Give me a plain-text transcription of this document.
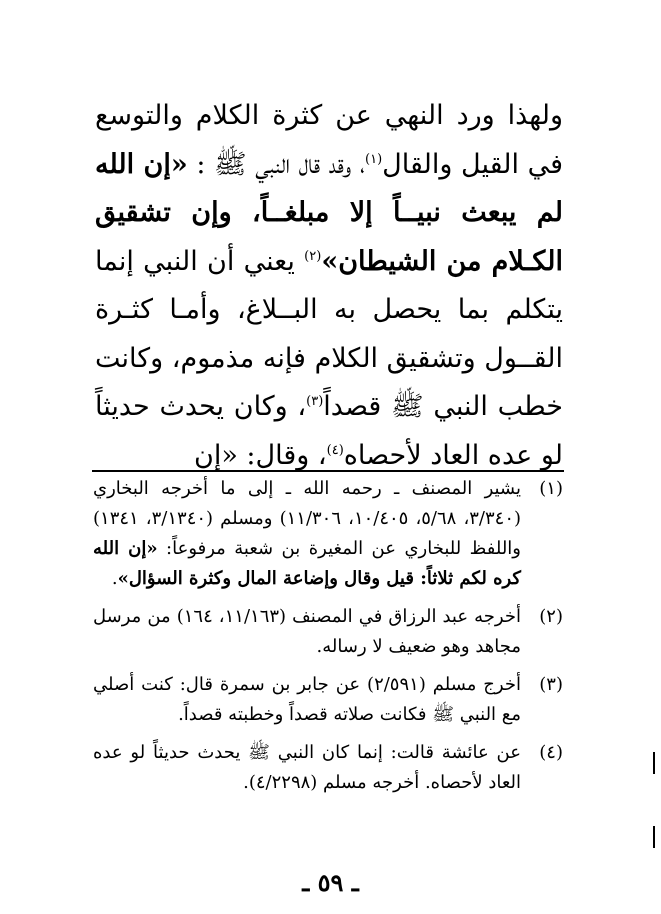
ولهذا ورد النهي عن كثرة الكلام والتوسع في القيل والقال$^{(١)}$، وقد قال النبي ﷺ : «إن الله لم يبعث نبيــاً إلا مبلغــاً، وإن تشقيق الكـلام من الشيطان»$^{(٢)}$ يعني أن النبي إنما يتكلم بما يحصل به البــلاغ، وأمـا كثـرة القــول وتشقيق الكلام فإنه مذموم، وكانت خطب النبي ﷺ قصداً$^{(٣)}$، وكان يحدث حديثاً لو عده العاد لأحصاه$^{(٤)}$، وقال: «إن
(١)
يشير المصنف ـ رحمه الله ـ إلى ما أخرجه البخاري (٣/٣٤٠، ٥/٦٨، ١٠/٤٠٥، ١١/٣٠٦) ومسلم (٣/١٣٤٠، ١٣٤١) واللفظ للبخاري عن المغيرة بن شعبة مرفوعاً: «إن الله كره لكم ثلاثاً: قيل وقال وإضاعة المال وكثرة السؤال».
(٢)
أخرجه عبد الرزاق في المصنف (١١/١٦٣، ١٦٤) من مرسل مجاهد وهو ضعيف لا رساله.
(٣)
أخرج مسلم (٢/٥٩١) عن جابر بن سمرة قال: كنت أصلي مع النبي ﷺ فكانت صلاته قصداً وخطبته قصداً.
(٤)
عن عائشة قالت: إنما كان النبي ﷺ يحدث حديثاً لو عده العاد لأحصاه. أخرجه مسلم (٤/٢٢٩٨).
ـ ٥٩ ـ
